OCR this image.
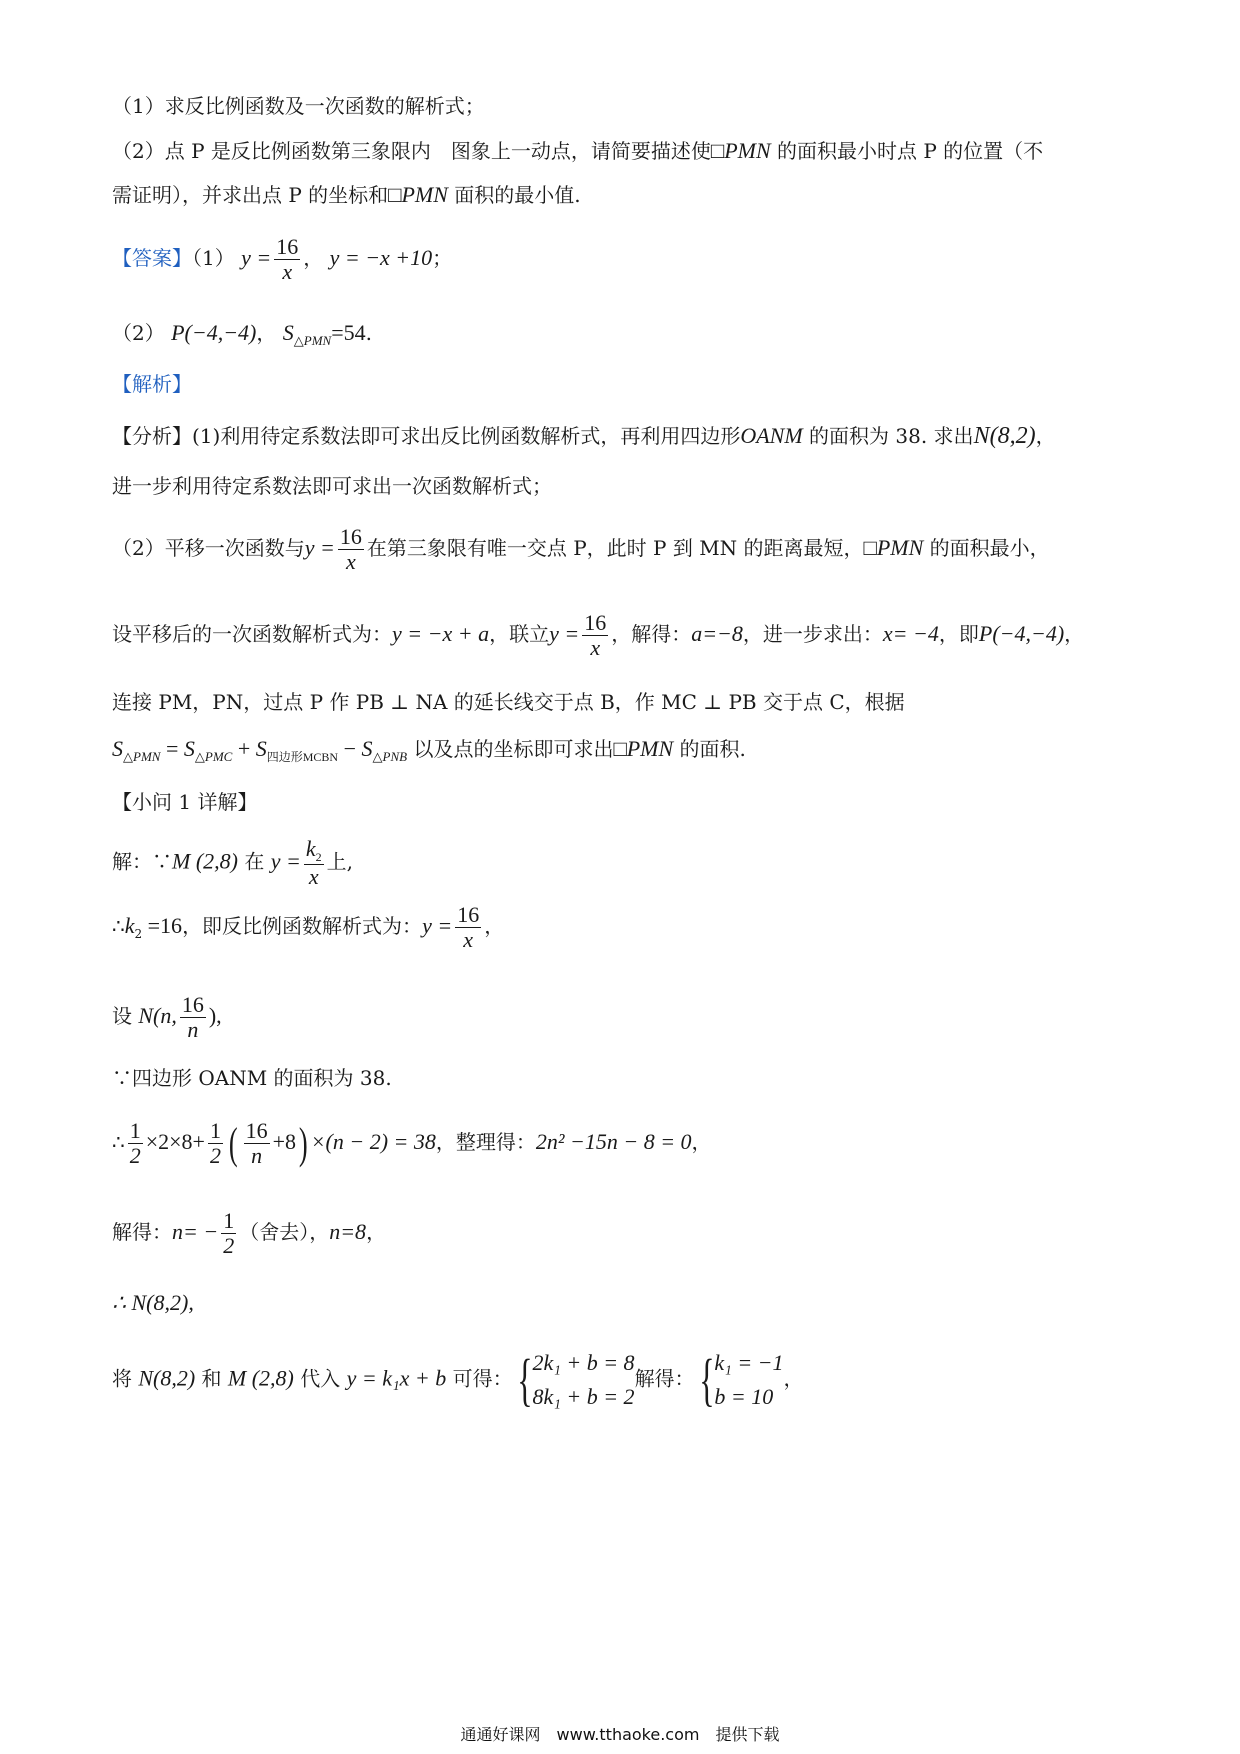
（1）求反比例函数及一次函数的解析式；
（2）点 P 是反比例函数第三象限内　图象上一动点，请简要描述使□PMN 的面积最小时点 P 的位置（不
需证明），并求出点 P 的坐标和□PMN 面积的最小值.
【答案】（1） $y = \frac{16}{x}$ ， y = −x +10；
（2） P(−4,−4)， $S_{\triangle PMN}=54$.
【解析】
【分析】(1)利用待定系数法即可求出反比例函数解析式，再利用四边形OANM 的面积为 38. 求出N(8,2)，
进一步利用待定系数法即可求出一次函数解析式；
（2）平移一次函数与$y = \frac{16}{x}$ 在第三象限有唯一交点 P，此时 P 到 MN 的距离最短，□PMN 的面积最小，
设平移后的一次函数解析式为：y = −x + a，联立$y = \frac{16}{x}$ ，解得：a=−8，进一步求出：x= −4，即P(−4,−4)，
连接 PM，PN，过点 P 作 PB ⊥ NA 的延长线交于点 B，作 MC ⊥ PB 交于点 C，根据
$S_{\triangle PMN} = S_{\triangle PMC} + S_{四边形MCBN} - S_{\triangle PNB}$ 以及点的坐标即可求出□PMN 的面积.
【小问 1 详解】
解：∵M (2,8) 在 $y = \frac{k_2}{x}$ 上,
$\therefore k_2 =16$，即反比例函数解析式为：$y = \frac{16}{x}$ ，
设 N(n, $\frac{16}{n}$ ),
∵四边形 OANM 的面积为 38.
∴ $\frac{1}{2} \times 2\times 8+ \frac{1}{2}$ ( $\frac{16}{n} +8) \times(n - 2) = 38$，整理得：2n² −15n − 8 = 0，
解得：$n= - \frac{1}{2}$ （舍去），n=8，
∴ N(8,2),
将 N(8,2) 和 M (2,8) 代入 y = k₁x + b 可得：{ 2k₁ + b = 8
8k₁ + b = 2
解得：{ k₁ = −1
b = 10
，
通通好课网　www.tthaoke.com　提供下载
